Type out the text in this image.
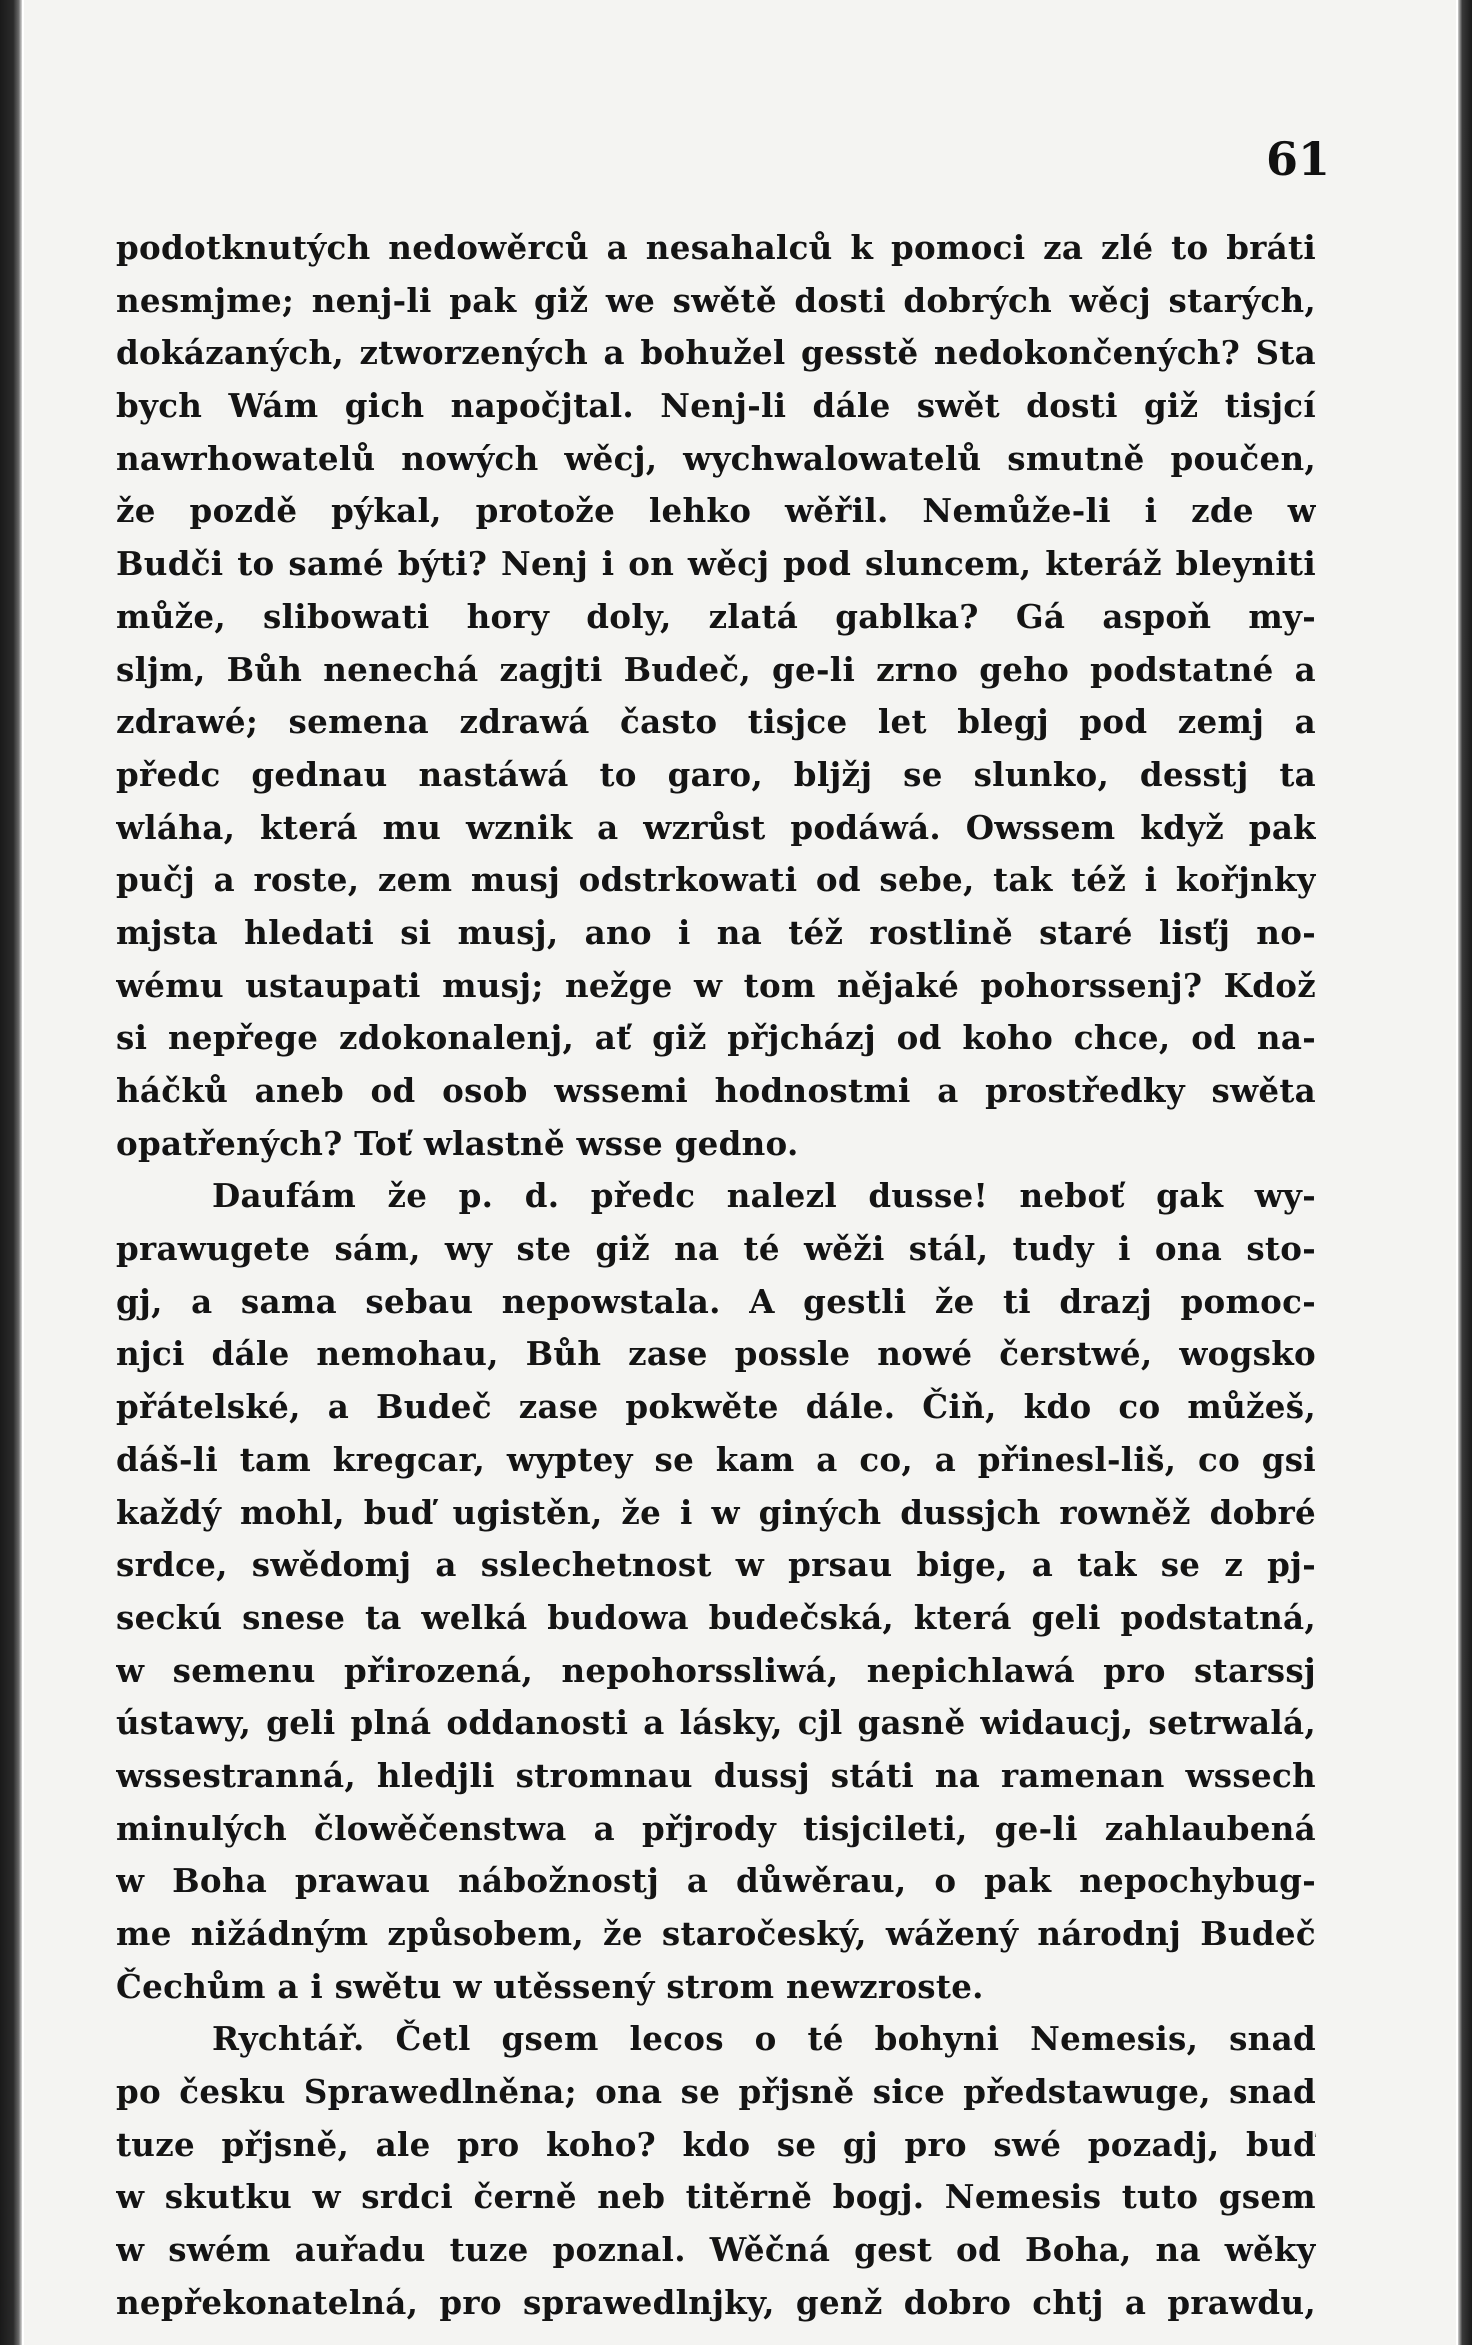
61
podotknutých nedowěrců a nesahalců k pomoci za zlé to bráti
nesmjme; nenj-li pak giž we swětě dosti dobrých wěcj starých,
dokázaných, ztworzených a bohužel gesstě nedokončených? Sta
bych Wám gich napočjtal. Nenj-li dále swět dosti giž tisjcí
nawrhowatelů nowých wěcj, wychwalowatelů smutně poučen,
že pozdě pýkal, protože lehko wěřil. Nemůže-li i zde w
Budči to samé býti? Nenj i on wěcj pod sluncem, kteráž bleyniti
může, slibowati hory doly, zlatá gablka? Gá aspoň my-
sljm, Bůh nenechá zagjti Budeč, ge-li zrno geho podstatné a
zdrawé; semena zdrawá často tisjce let blegj pod zemj a
předc gednau nastáwá to garo, bljžj se slunko, desstj ta
wláha, která mu wznik a wzrůst podáwá. Owssem když pak
pučj a roste, zem musj odstrkowati od sebe, tak též i kořjnky
mjsta hledati si musj, ano i na též rostlině staré lisťj no-
wému ustaupati musj; nežge w tom nějaké pohorssenj? Kdož
si nepřege zdokonalenj, ať giž přjcházj od koho chce, od na-
háčků aneb od osob wssemi hodnostmi a prostředky swěta
opatřených? Toť wlastně wsse gedno.
Daufám že p. d. předc nalezl dusse! neboť gak wy-
prawugete sám, wy ste giž na té wěži stál, tudy i ona sto-
gj, a sama sebau nepowstala. A gestli že ti drazj pomoc-
njci dále nemohau, Bůh zase possle nowé čerstwé, wogsko
přátelské, a Budeč zase pokwěte dále. Čiň, kdo co můžeš,
dáš-li tam kregcar, wyptey se kam a co, a přinesl-liš, co gsi
každý mohl, buď ugistěn, že i w giných dussjch rowněž dobré
srdce, swědomj a sslechetnost w prsau bige, a tak se z pj-
seckú snese ta welká budowa budečská, která geli podstatná,
w semenu přirozená, nepohorssliwá, nepichlawá pro starssj
ústawy, geli plná oddanosti a lásky, cjl gasně widaucj, setrwalá,
wssestranná, hledjli stromnau dussj státi na ramenan wssech
minulých člowěčenstwa a přjrody tisjcileti, ge-li zahlaubená
w Boha prawau nábožnostj a důwěrau, o pak nepochybug-
me nižádným způsobem, že staročeský, wážený národnj Budeč
Čechům a i swětu w utěssený strom newzroste.
Rychtář. Četl gsem lecos o té bohyni Nemesis, snad
po česku Sprawedlněna; ona se přjsně sice předstawuge, snad
tuze přjsně, ale pro koho? kdo se gj pro swé pozadj, buď
w skutku w srdci černě neb titěrně bogj. Nemesis tuto gsem
w swém auřadu tuze poznal. Wěčná gest od Boha, na wěky
nepřekonatelná, pro sprawedlnjky, genž dobro chtj a prawdu,
